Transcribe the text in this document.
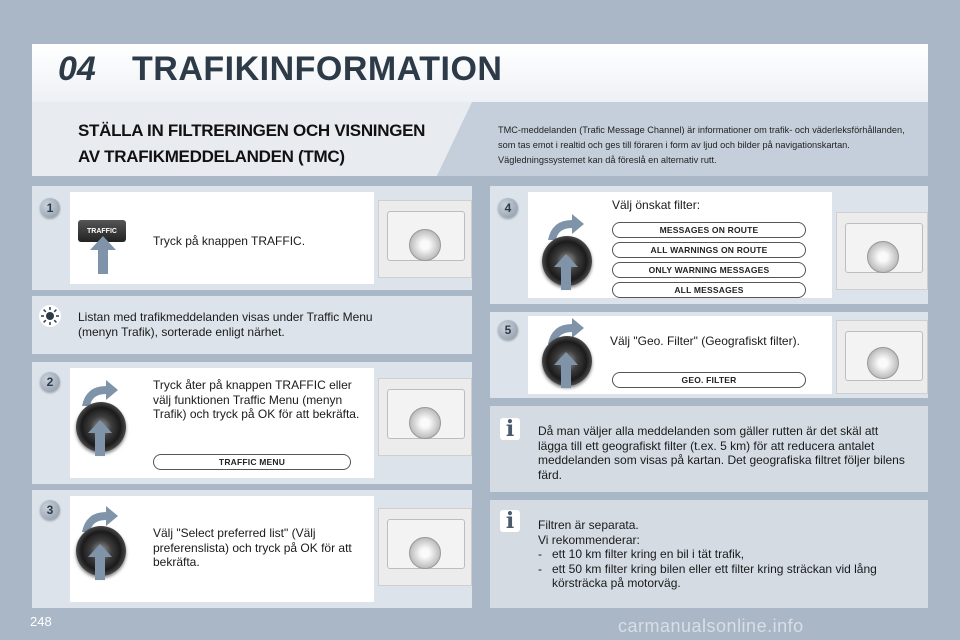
04 TRAFIKINFORMATION
STÄLLA IN FILTRERINGEN OCH VISNINGEN
AV TRAFIKMEDDELANDEN (TMC)
TMC-meddelanden (Trafic Message Channel) är informationer om trafik- och väderleksförhållanden, som tas emot i realtid och ges till föraren i form av ljud och bilder på navigationskartan. Vägledningssystemet kan då föreslå en alternativ rutt.
1
TRAFFIC
Tryck på knappen TRAFFIC.
Listan med trafikmeddelanden visas under Traffic Menu (menyn Trafik), sorterade enligt närhet.
2	Tryck åter på knappen TRAFFIC eller välj funktionen Traffic Menu (menyn Trafik) och tryck på OK för att bekräfta.
TRAFFIC MENU
3
Välj "Select preferred list" (Välj preferenslista) och tryck på OK för att bekräfta.
4	Välj önskat filter:
MESSAGES ON ROUTE
ALL WARNINGS ON ROUTE
ONLY WARNING MESSAGES
ALL MESSAGES
5
Välj "Geo. Filter" (Geografiskt filter).
GEO. FILTER
i	Då man väljer alla meddelanden som gäller rutten är det skäl att lägga till ett geografiskt filter (t.ex. 5 km) för att reducera antalet meddelanden som visas på kartan. Det geografiska filtret följer bilens färd.
i	Filtren är separata.
Vi rekommenderar:
- ett 10 km filter kring en bil i tät trafik,
- ett 50 km filter kring bilen eller ett filter kring sträckan vid lång körsträcka på motorväg.
248	carmanualsonline.info
